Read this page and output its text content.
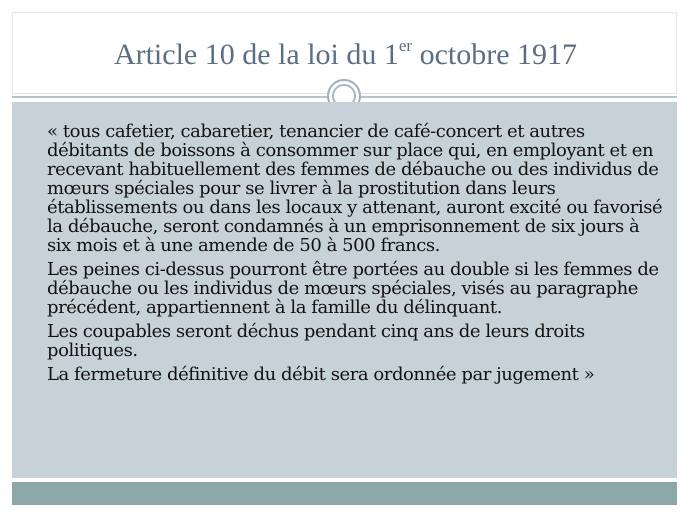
Article 10 de la loi du 1er octobre 1917

« tous cafetier, cabaretier, tenancier de café-concert et autres débitants de boissons à consommer sur place qui, en employant et en recevant habituellement des femmes de débauche ou des individus de mœurs spéciales pour se livrer à la prostitution dans leurs établissements ou dans les locaux y attenant, auront excité ou favorisé la débauche, seront condamnés à un emprisonnement de six jours à six mois et à une amende de 50 à 500 francs.

Les peines ci-dessus pourront être portées au double si les femmes de débauche ou les individus de mœurs spéciales, visés au paragraphe précédent, appartiennent à la famille du délinquant.

Les coupables seront déchus pendant cinq ans de leurs droits politiques.

La fermeture définitive du débit sera ordonnée par jugement »
